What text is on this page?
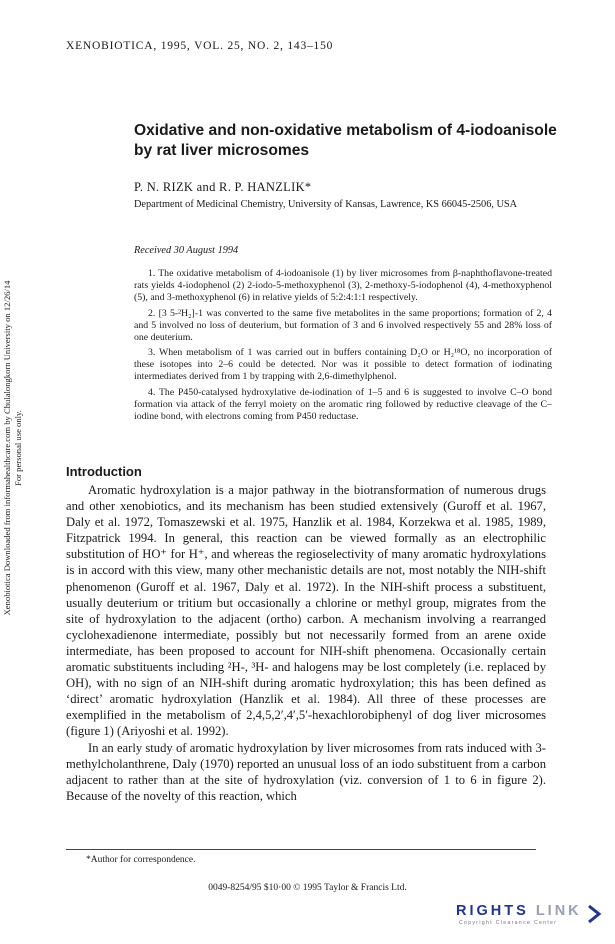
XENOBIOTICA, 1995, VOL. 25, NO. 2, 143–150
Oxidative and non-oxidative metabolism of 4-iodoanisole by rat liver microsomes
P. N. RIZK and R. P. HANZLIK*
Department of Medicinal Chemistry, University of Kansas, Lawrence, KS 66045-2506, USA
Received 30 August 1994

1. The oxidative metabolism of 4-iodoanisole (1) by liver microsomes from β-naphthoflavone-treated rats yields 4-iodophenol (2) 2-iodo-5-methoxyphenol (3), 2-methoxy-5-iodophenol (4), 4-methoxyphenol (5), and 3-methoxyphenol (6) in relative yields of 5:2:4:1:1 respectively.

2. [3 5-²H₂]-1 was converted to the same five metabolites in the same proportions; formation of 2, 4 and 5 involved no loss of deuterium, but formation of 3 and 6 involved respectively 55 and 28% loss of one deuterium.

3. When metabolism of 1 was carried out in buffers containing D₂O or H₂¹⁸O, no incorporation of these isotopes into 2–6 could be detected. Nor was it possible to detect formation of iodinating intermediates derived from 1 by trapping with 2,6-dimethylphenol.

4. The P450-catalysed hydroxylative de-iodination of 1–5 and 6 is suggested to involve C–O bond formation via attack of the ferryl moiety on the aromatic ring followed by reductive cleavage of the C–iodine bond, with electrons coming from P450 reductase.

Xenobiotica Downloaded from informahealthcare.com by Chulalongkorn University on 12/26/14 For personal use only.	Introduction

Aromatic hydroxylation is a major pathway in the biotransformation of numerous drugs and other xenobiotics, and its mechanism has been studied extensively (Guroff et al. 1967, Daly et al. 1972, Tomaszewski et al. 1975, Hanzlik et al. 1984, Korzekwa et al. 1985, 1989, Fitzpatrick 1994. In general, this reaction can be viewed formally as an electrophilic substitution of HO⁺ for H⁺, and whereas the regioselectivity of many aromatic hydroxylations is in accord with this view, many other mechanistic details are not, most notably the NIH-shift phenomenon (Guroff et al. 1967, Daly et al. 1972). In the NIH-shift process a substituent, usually deuterium or tritium but occasionally a chlorine or methyl group, migrates from the site of hydroxylation to the adjacent (ortho) carbon. A mechanism involving a rearranged cyclohexadienone intermediate, possibly but not necessarily formed from an arene oxide intermediate, has been proposed to account for NIH-shift phenomena. Occasionally certain aromatic substituents including ²H-, ³H- and halogens may be lost completely (i.e. replaced by OH), with no sign of an NIH-shift during aromatic hydroxylation; this has been defined as ‘direct’ aromatic hydroxylation (Hanzlik et al. 1984). All three of these processes are exemplified in the metabolism of 2,4,5,2′,4′,5′-hexachlorobiphenyl of dog liver microsomes (figure 1) (Ariyoshi et al. 1992).

In an early study of aromatic hydroxylation by liver microsomes from rats induced with 3-methylcholanthrene, Daly (1970) reported an unusual loss of an iodo substituent from a carbon adjacent to rather than at the site of hydroxylation (viz. conversion of 1 to 6 in figure 2). Because of the novelty of this reaction, which

*Author for correspondence.
0049-8254/95 $10·00 © 1995 Taylor & Francis Ltd.
RIGHTS LINK
Copyright Clearance Center
